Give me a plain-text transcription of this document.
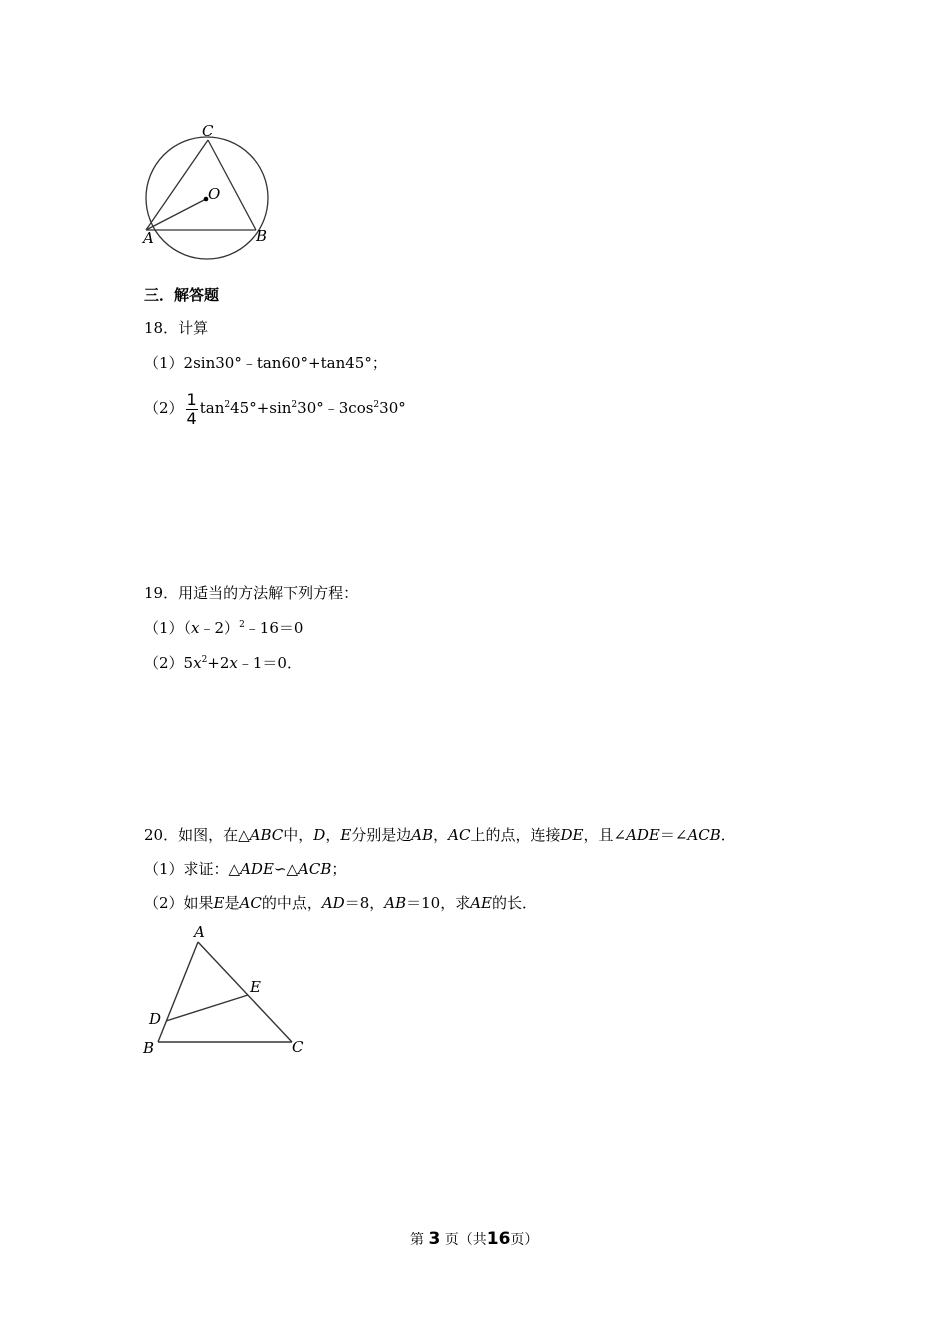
C
O
A	B
三．解答题
18．计算
（1）2sin30°﹣tan60°+tan45°；
$(2) \frac{1}{4}$ $\tan^245^\circ+\sin^230^\circ﹣3\cos^230^\circ$
19．用适当的方法解下列方程：
（1）（x﹣2）$^2$﹣16＝0
$(2)5x^2+2x﹣1=0$．
20．如图，在△ABC中，D，E分别是边AB，AC上的点，连接DE，且∠ADE＝∠ACB．
（1）求证：△ADE∽△ACB；
（2）如果E是AC的中点，AD＝8，AB＝10，求AE的长．
A
E
D
B	C
第 3 页（共16页）
